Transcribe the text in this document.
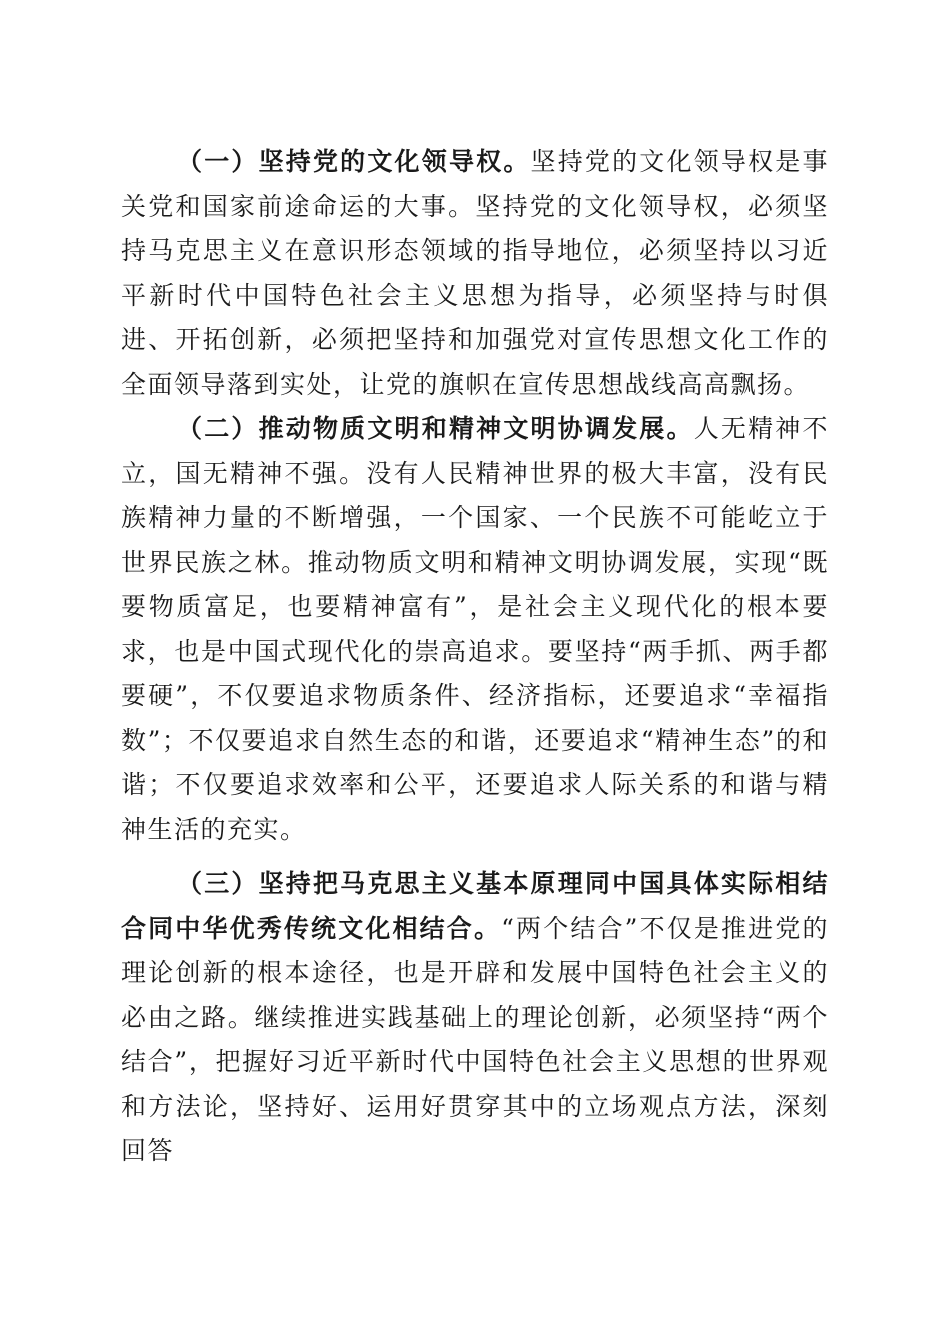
（一）坚持党的文化领导权。坚持党的文化领导权是事关党和国家前途命运的大事。坚持党的文化领导权，必须坚持马克思主义在意识形态领域的指导地位，必须坚持以习近平新时代中国特色社会主义思想为指导，必须坚持与时俱进、开拓创新，必须把坚持和加强党对宣传思想文化工作的全面领导落到实处，让党的旗帜在宣传思想战线高高飘扬。

（二）推动物质文明和精神文明协调发展。人无精神不立，国无精神不强。没有人民精神世界的极大丰富，没有民族精神力量的不断增强，一个国家、一个民族不可能屹立于世界民族之林。推动物质文明和精神文明协调发展，实现“既要物质富足，也要精神富有”，是社会主义现代化的根本要求，也是中国式现代化的崇高追求。要坚持“两手抓、两手都要硬”，不仅要追求物质条件、经济指标，还要追求“幸福指数”；不仅要追求自然生态的和谐，还要追求“精神生态”的和谐；不仅要追求效率和公平，还要追求人际关系的和谐与精神生活的充实。

（三）坚持把马克思主义基本原理同中国具体实际相结合同中华优秀传统文化相结合。“两个结合”不仅是推进党的理论创新的根本途径，也是开辟和发展中国特色社会主义的必由之路。继续推进实践基础上的理论创新，必须坚持“两个结合”，把握好习近平新时代中国特色社会主义思想的世界观和方法论，坚持好、运用好贯穿其中的立场观点方法，深刻回答
